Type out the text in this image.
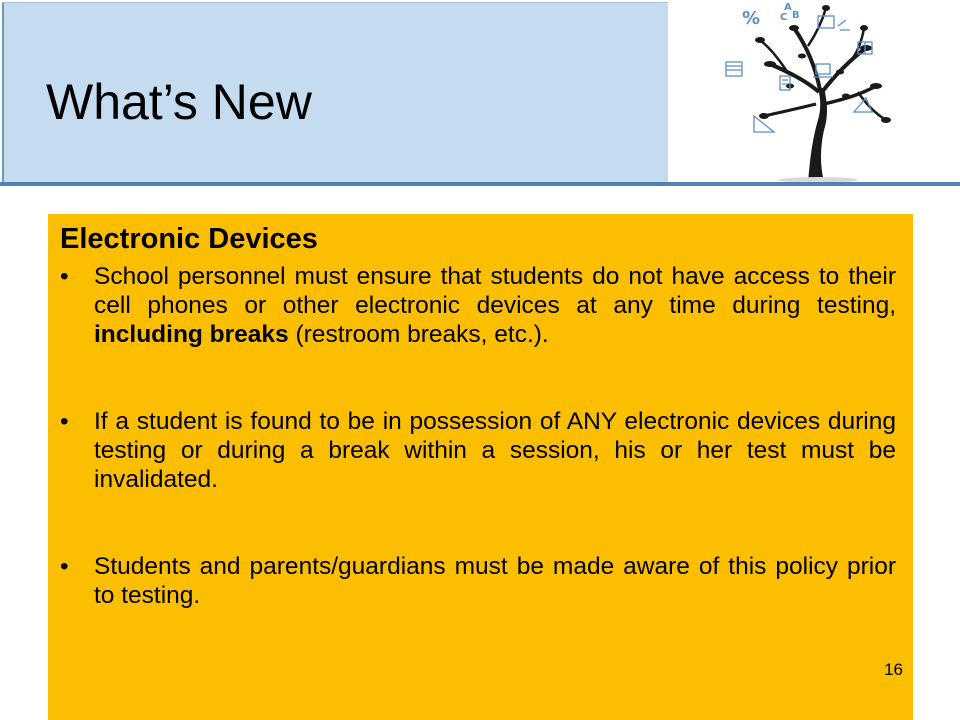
What’s New
%
A
C B
Electronic Devices
• School personnel must ensure that students do not have access to their cell phones or other electronic devices at any time during testing, including breaks (restroom breaks, etc.).
• If a student is found to be in possession of ANY electronic devices during testing or during a break within a session, his or her test must be invalidated.
• Students and parents/guardians must be made aware of this policy prior to testing.
16
